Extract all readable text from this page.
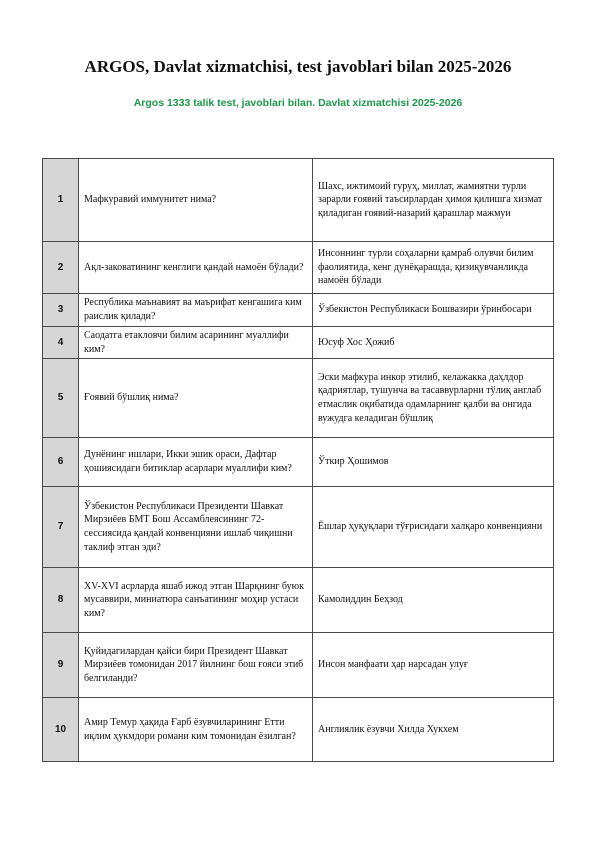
ARGOS, Davlat xizmatchisi, test javoblari bilan 2025-2026
Argos 1333 talik test, javoblari bilan. Davlat xizmatchisi 2025-2026
1	Мафкуравий иммунитет нима?	Шахс, ижтимоий гуруҳ, миллат, жамиятни турли зарарли ғоявий таъсирлардан ҳимоя қилишга хизмат қиладиган ғоявий-назарий қарашлар мажмуи
2	Ақл-заковатининг кенглиги қандай намоён бўлади?	Инсоннинг турли соҳаларни қамраб олувчи билим фаолиятида, кенг дунёқарашда, қизиқувчанликда намоён бўлади
3	Республика маънавият ва маърифат кенгашига ким раислик қилади?	Ўзбекистон Республикаси Бошвазири ўринбосари
4	Саодатга етакловчи билим асарининг муаллифи ким?	Юсуф Хос Ҳожиб
5	Ғоявий бўшлиқ нима?	Эски мафкура инкор этилиб, келажакка даҳлдор қадриятлар, тушунча ва тасаввурларни тўлиқ англаб етмаслик оқибатида одамларнинг қалби ва онгида вужудга келадиган бўшлиқ
6	Дунёнинг ишлари, Икки эшик ораси, Дафтар ҳошиясидаги битиклар асарлари муаллифи ким?	Ўткир Ҳошимов
7	Ўзбекистон Республикаси Президенти Шавкат Мирзиёев БМТ Бош Ассамблеясининг 72-сессиясида қандай конвенцияни ишлаб чиқишни таклиф этган эди?	Ёшлар ҳуқуқлари тўғрисидаги халқаро конвенцияни
8	XV-XVI асрларда яшаб ижод этган Шарқнинг буюк мусаввири, миниатюра санъатининг моҳир устаси ким?	Камолиддин Беҳзод
9	Қуйидагилардан қайси бири Президент Шавкат Мирзиёев томонидан 2017 йилнинг бош ғояси этиб белгиланди?	Инсон манфаати ҳар нарсадан улуғ
10	Амир Темур ҳақида Ғарб ёзувчиларининг Етти иқлим ҳукмдори романи ким томонидан ёзилган?	Англиялик ёзувчи Хилда Хукхем
